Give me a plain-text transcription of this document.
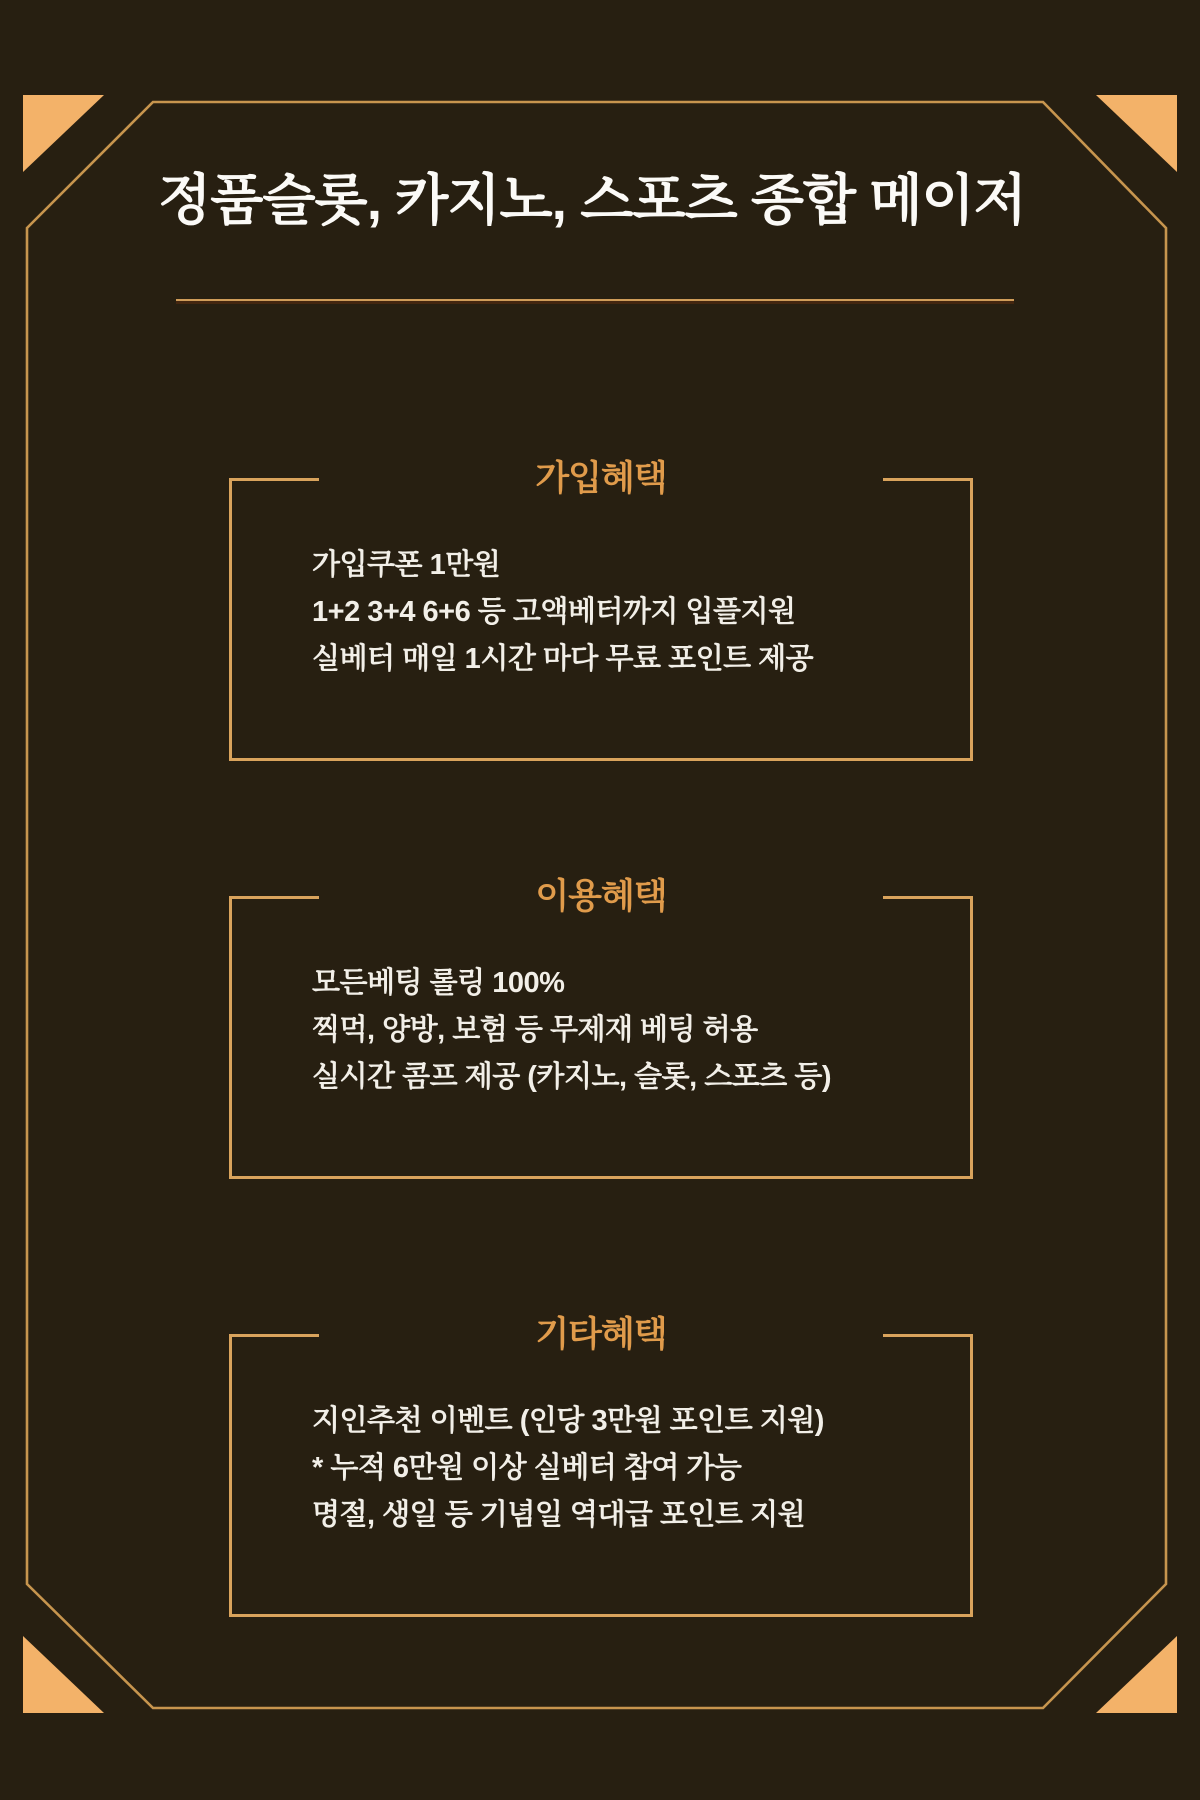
정품슬롯, 카지노, 스포츠 종합 메이저
가입혜택

가입쿠폰 1만원

1+2 3+4 6+6 등 고액베터까지 입플지원

실베터 매일 1시간 마다 무료 포인트 제공

이용혜택

모든베팅 롤링 100%

찍먹, 양방, 보험 등 무제재 베팅 허용

실시간 콤프 제공 (카지노, 슬롯, 스포츠 등)

기타혜택

지인추천 이벤트 (인당 3만원 포인트 지원)

* 누적 6만원 이상 실베터 참여 가능

명절, 생일 등 기념일 역대급 포인트 지원
